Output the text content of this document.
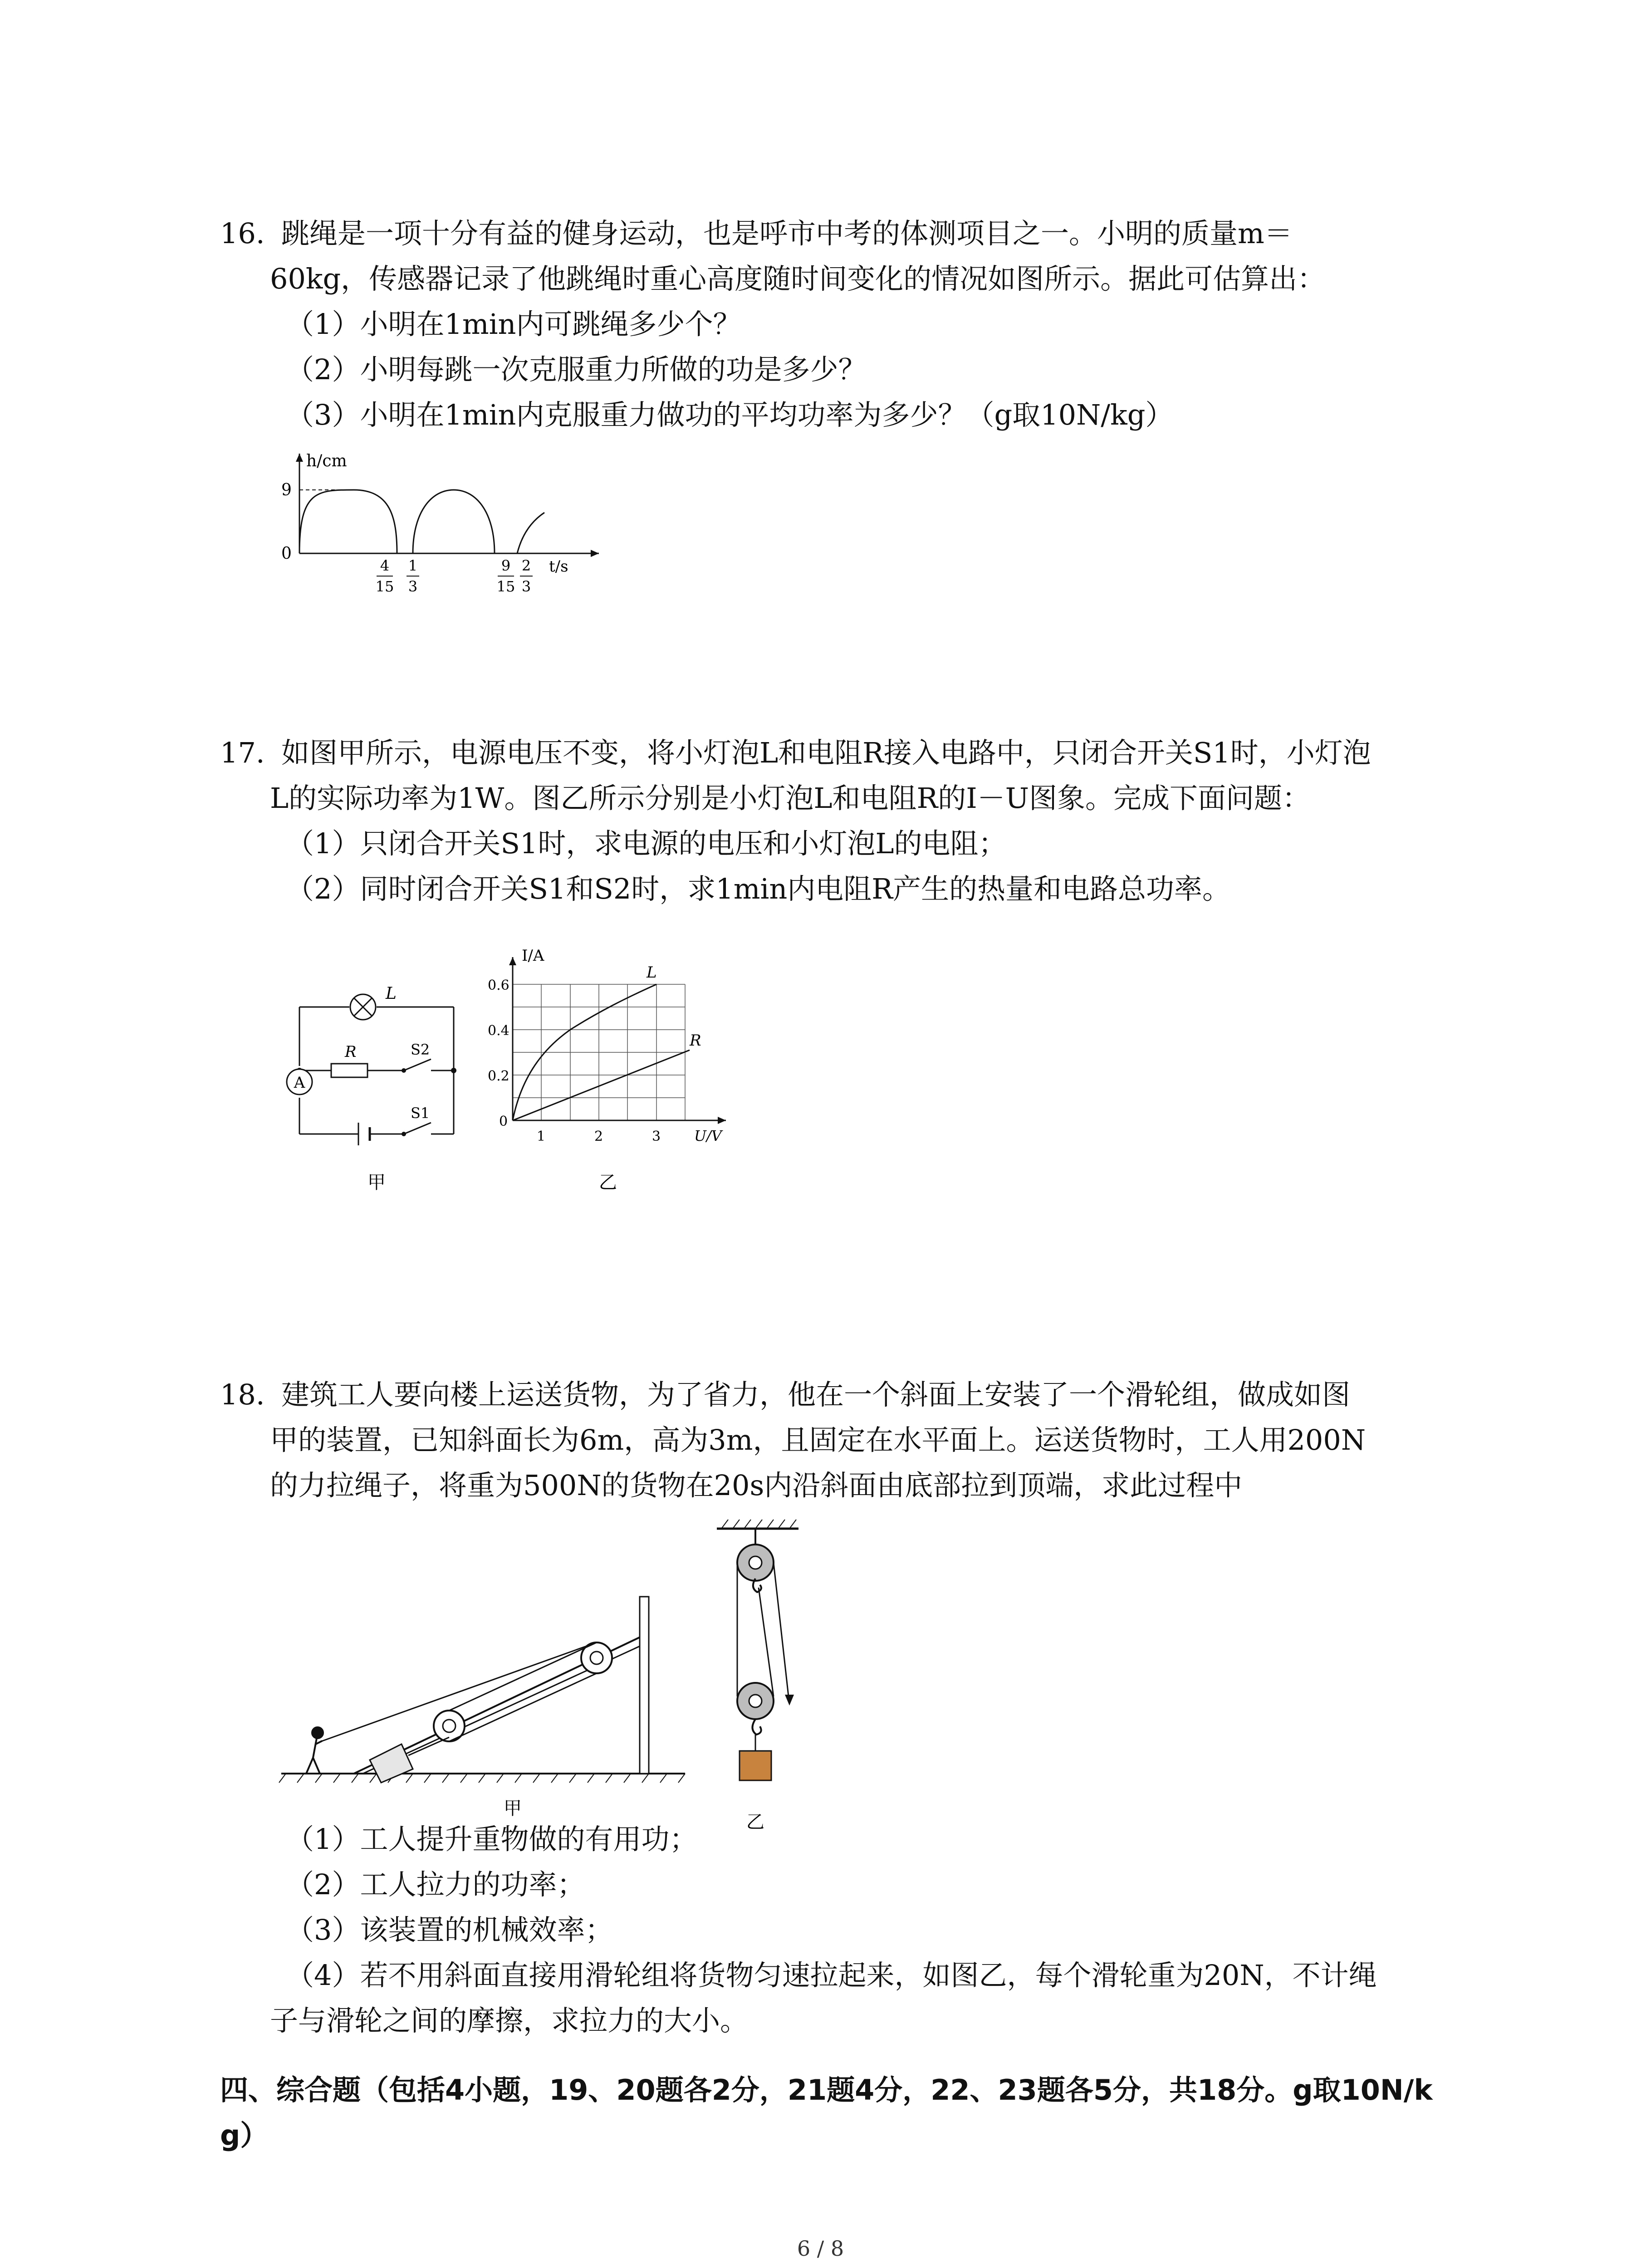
16. 跳绳是一项十分有益的健身运动，也是呼市中考的体测项目之一。小明的质量m＝
60kg，传感器记录了他跳绳时重心高度随时间变化的情况如图所示。据此可估算出：
（1）小明在1min内可跳绳多少个？
（2）小明每跳一次克服重力所做的功是多少？
（3）小明在1min内克服重力做功的平均功率为多少？（g取10N/kg）
h/cm
9
0
t/s
4
15
1
3
9
15
2
3
17. 如图甲所示，电源电压不变，将小灯泡L和电阻R接入电路中，只闭合开关S1时，小灯泡
L的实际功率为1W。图乙所示分别是小灯泡L和电阻R的I－U图象。完成下面问题：
（1）只闭合开关S1时，求电源的电压和小灯泡L的电阻；
（2）同时闭合开关S1和S2时，求1min内电阻R产生的热量和电路总功率。
L
R	S2
A
S1
甲
I/A
0.6
0.4
0.2
0
1	2	3 U/V
L
R
乙
18. 建筑工人要向楼上运送货物，为了省力，他在一个斜面上安装了一个滑轮组，做成如图
甲的装置，已知斜面长为6m，高为3m，且固定在水平面上。运送货物时，工人用200N
的力拉绳子，将重为500N的货物在20s内沿斜面由底部拉到顶端，求此过程中
甲
乙
（1）工人提升重物做的有用功；
（2）工人拉力的功率；
（3）该装置的机械效率；
（4）若不用斜面直接用滑轮组将货物匀速拉起来，如图乙，每个滑轮重为20N，不计绳
子与滑轮之间的摩擦，求拉力的大小。
四、综合题（包括4小题，19、20题各2分，21题4分，22、23题各5分，共18分。g取10N/k
g）
6 / 8
